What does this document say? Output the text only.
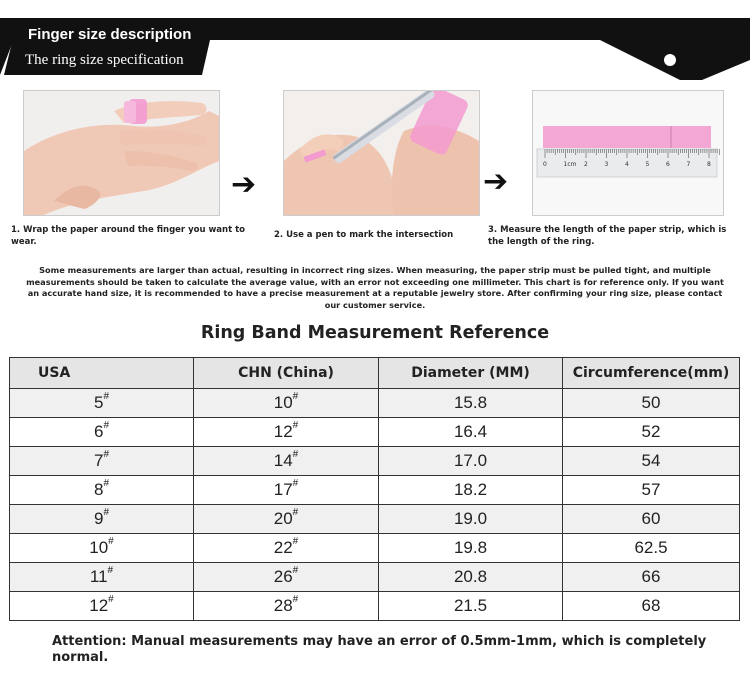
Finger size description
The ring size specification
➔	➔	0	1cm 2	3	4	5	6	7	8
1. Wrap the paper around the finger you want to wear.
2. Use a pen to mark the intersection	3. Measure the length of the paper strip, which is the length of the ring.
Some measurements are larger than actual, resulting in incorrect ring sizes. When measuring, the paper strip must be pulled tight, and multiple measurements should be taken to calculate the average value, with an error not exceeding one millimeter. This chart is for reference only. If you want an accurate hand size, it is recommended to have a precise measurement at a reputable jewelry store. After confirming your ring size, please contact our customer service.
Ring Band Measurement Reference
USA	CHN (China)	Diameter (MM)	Circumference(mm)
5#	10#	15.8	50
6#	12#	16.4	52
7#	14#	17.0	54
8#	17#	18.2	57
9#	20#	19.0	60
10#	22#	19.8	62.5
11#	26#	20.8	66
12#	28#	21.5	68
Attention: Manual measurements may have an error of 0.5mm-1mm, which is completely normal.
